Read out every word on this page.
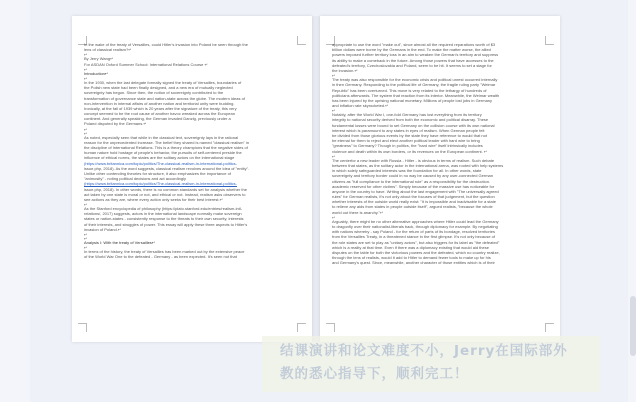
In the wake of the treaty of Versailles, could Hitler's invasion into Poland be seen through the
lens of classical realism?↵
↵
By Jerry Wang↵
For ASDAN Oxford Summer School: International Relations Course ↵
↵
Introduction↵
↵
In the 1930, when the last delegate formally signed the treaty of Versailles, boundaries of
the Polish new state had been finally designed, and a new era of mutually neglected
sovereignty has begun. Since then, the notion of sovereignty contributed to the
transformation of governance state and nation-state across the globe. The modern ideas of
non-intervention in internal affairs of another nation and territorial unity were budding.
Ironically, at the fall of 1939 which is 20 years after the signature of the treaty, this very
concept seemed to be the root cause of another havoc wreaked across the European
continent. And generally speaking, the German invaded Danzig, previously under a
Poland disputed by the Germans.↵
↵
↵
As noted, especially seen that while in the classical text, sovereignty lays in the rational
reason for the unprecedented increase. The belief they shared is named "classical realism" in
the discipline of International Relations. This is a theory champions that the negative sides of
human nature hold hostage of people's behavior, the pursuits of self-centered preside the
influence of ethical norms, the states are the solitary actors on the international stage
(https://www.britannica.com/topic/politics/The-classical-realism-in-international-politics-
issue.php, 2018). As the word suggests, classical realism revolves around the idea of "entity".
Unlike other contending theories for structure, it also emphasizes the importance of
"animosity" - noting political decisions and act accordingly
(https://www.britannica.com/topic/politics/The-classical-realism-in-international-politics-
issue.php, 2018). In other words, there is no common standards set for analysis whether the
act taken by one state is moral or not, and ethical or not. Instead, realism asks observers to
see actions as they are, where every action only seeks for their best interest.↵
↵
As the Stanford encyclopedia of philosophy (https://plato.stanford.edu/entries/realism-intl-
relations/, 2017) suggests, actors in the international landscape normally make sovereign
states or nation-states - consistently response to the threats to their own security, interests
of their interests, and struggles of power. This essay will apply these three aspects to Hitler's
invasion of Poland.↵
↵
↵
Analysis I: With the treaty of Versailles↵
↵
In terms of the history, the treaty of Versailles has been marked out by the extensive peace
of the World War One to the defeated - Germany - as been expected. It's seen not that
appropriate to use the word "make out", since almost all the required reparations worth of $3
billion dollars were borne by the Germans in the end. To make the matter worse, the allied
powers imposed further territory loss in an aim to weaken the German's territory and suppress
its ability to make a comeback in the future. Among those powers that have accesses to the
defeated's territory, Czechoslovakia and Poland, seem to be hit. It seems to set a stage for
the invasion.↵
↵
The treaty was also responsible for the economic crisis and political unrest occurred internally
in then Germany. Responding to the political life of Germany, the fragile ruling party "Weimar
Republic" has been overturned. This move is very related to the lethargy of hundreds of
politicians afterwards. The system that reaction from its interior. Meanwhile, the Weimar wealth
has been injured by the uprising national monetary. Millions of people lost jobs in Germany
and inflation rate skyrocketed.↵
↵
Notably, after the World War I, one-fold Germany has lost everything from its territory
integrity to national security derived from both the economic and political disarray. These
fundamental losses were bound to set Germany on the collision course with its own national
interest which is paramount to any states in eyes of realism. When German people felt
be divided from those glorious events by the state they have reference to would that not
be eternal for them to reject and elect another political leader with hard wire to bring
"greatness" to Germany? Though in politics, the "hard wire" itself intrinsically includes
violence and death within its own borders, or its revenues on the European continent. ↵
↵
The centerfor a new leader with Russia - Hitler - is obvious in terms of realism. Such debate
between that states, as the solitary actor in the international arena, was rooted with help systems
in which solely safeguarded interests was the foundation for all. In other words, state
sovereignty and territory border could in no way be caused by any user-connected German
citizens as "full compliance to the international rule" as a responsibility for the destruction.
academic reserved for other victims". Simply because of the massive use has noticeable for
anyone in the country to have. Writing about the last engagement with "The universally agreed
rules" for German realists, it's not only about the focuses of that judgement, but the question
whether interests of the outside world really exist: "It is impossible and inadvisable for a state
to relieve any aids from states in people outside itself", argued realists, "because the whole
world out there is anarchy."↵
↵
Arguably, there might be no other alternative approaches where Hitler could lead the Germany
to dragonfly over their nationalist-liberals back, through diplomacy for example. By negotiating
with nations whereby - say Poland - for the return of parts of its bondage, resolved territories
from the Versailles Treaty, in a threatened stance in the first glimpse. It's not only because of
the role states are set to play as "unitary actors", but also triggers for its label as "the defeated"
which is a reality at that time. Even if there was a diplomacy existing that would aid these
disputes on the table for both the victorious powers and the defeated, which no country realize,
through the lens of realists, would it add to Hitler to demand fewer tools to make up for his
and Germany's quest. Since, meanwhile, another character of those entities which is of their
结课演讲和论文难度不小，Jerry在国际部外
教的悉心指导下，顺利完工！
